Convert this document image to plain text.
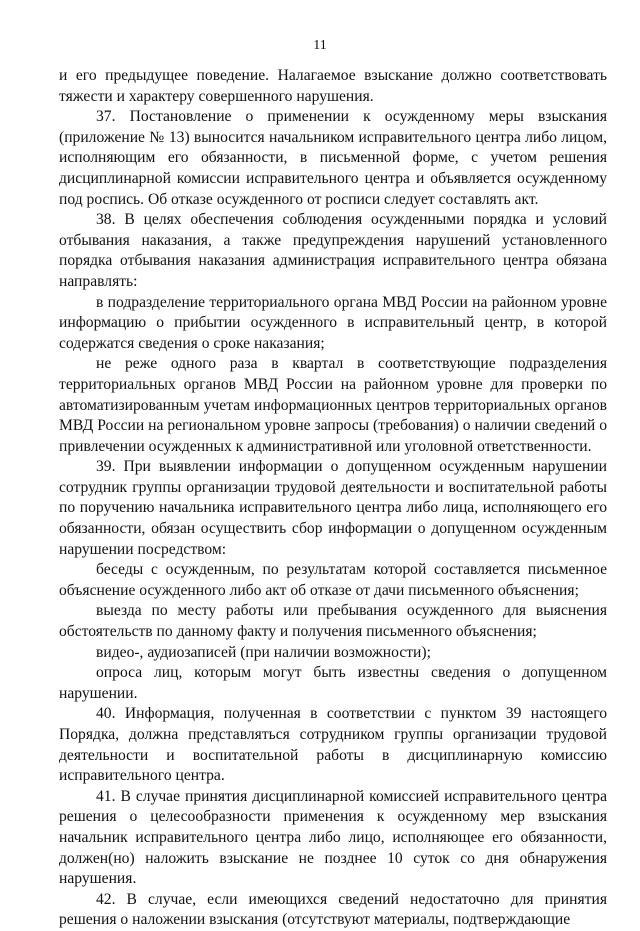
11

и его предыдущее поведение. Налагаемое взыскание должно соответствовать тяжести и характеру совершенного нарушения.

37. Постановление о применении к осужденному меры взыскания (приложение № 13) выносится начальником исправительного центра либо лицом, исполняющим его обязанности, в письменной форме, с учетом решения дисциплинарной комиссии исправительного центра и объявляется осужденному под роспись. Об отказе осужденного от росписи следует составлять акт.

38. В целях обеспечения соблюдения осужденными порядка и условий отбывания наказания, а также предупреждения нарушений установленного порядка отбывания наказания администрация исправительного центра обязана направлять:

в подразделение территориального органа МВД России на районном уровне информацию о прибытии осужденного в исправительный центр, в которой содержатся сведения о сроке наказания;

не реже одного раза в квартал в соответствующие подразделения территориальных органов МВД России на районном уровне для проверки по автоматизированным учетам информационных центров территориальных органов МВД России на региональном уровне запросы (требования) о наличии сведений о привлечении осужденных к административной или уголовной ответственности.

39. При выявлении информации о допущенном осужденным нарушении сотрудник группы организации трудовой деятельности и воспитательной работы по поручению начальника исправительного центра либо лица, исполняющего его обязанности, обязан осуществить сбор информации о допущенном осужденным нарушении посредством:

беседы с осужденным, по результатам которой составляется письменное объяснение осужденного либо акт об отказе от дачи письменного объяснения;

выезда по месту работы или пребывания осужденного для выяснения обстоятельств по данному факту и получения письменного объяснения;

видео-, аудиозаписей (при наличии возможности);

опроса лиц, которым могут быть известны сведения о допущенном нарушении.

40. Информация, полученная в соответствии с пунктом 39 настоящего Порядка, должна представляться сотрудником группы организации трудовой деятельности и воспитательной работы в дисциплинарную комиссию исправительного центра.

41. В случае принятия дисциплинарной комиссией исправительного центра решения о целесообразности применения к осужденному мер взыскания начальник исправительного центра либо лицо, исполняющее его обязанности, должен(но) наложить взыскание не позднее 10 суток со дня обнаружения нарушения.

42. В случае, если имеющихся сведений недостаточно для принятия решения о наложении взыскания (отсутствуют материалы, подтверждающие
